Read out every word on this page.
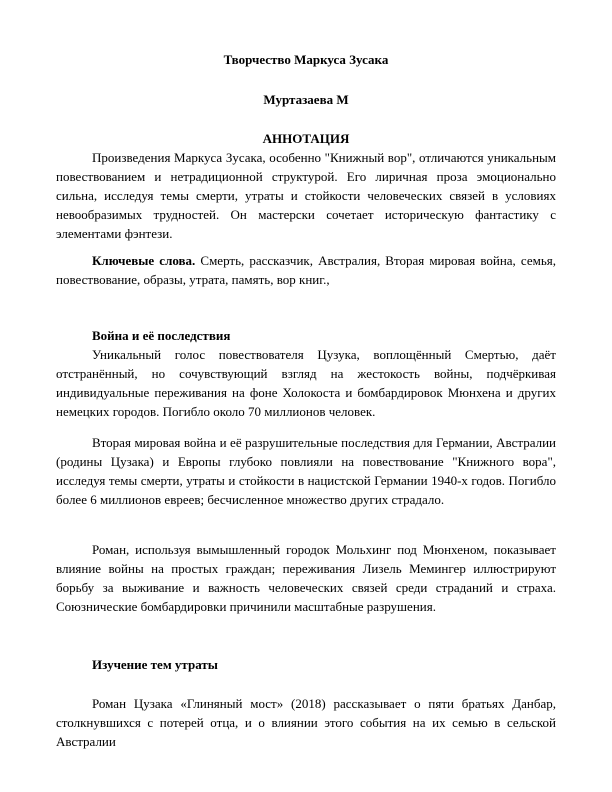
Творчество Маркуса Зусака

Муртазаева М

АННОТАЦИЯ

Произведения Маркуса Зусака, особенно "Книжный вор", отличаются уникальным повествованием и нетрадиционной структурой. Его лиричная проза эмоционально сильна, исследуя темы смерти, утраты и стойкости человеческих связей в условиях невообразимых трудностей. Он мастерски сочетает историческую фантастику с элементами фэнтези.

Ключевые слова. Смерть, рассказчик, Австралия, Вторая мировая война, семья, повествование, образы, утрата, память, вор книг.,

Война и её последствия

Уникальный голос повествователя Цузука, воплощённый Смертью, даёт отстранённый, но сочувствующий взгляд на жестокость войны, подчёркивая индивидуальные переживания на фоне Холокоста и бомбардировок Мюнхена и других немецких городов. Погибло около 70 миллионов человек.

Вторая мировая война и её разрушительные последствия для Германии, Австралии (родины Цузака) и Европы глубоко повлияли на повествование "Книжного вора", исследуя темы смерти, утраты и стойкости в нацистской Германии 1940-х годов. Погибло более 6 миллионов евреев; бесчисленное множество других страдало.

Роман, используя вымышленный городок Мольхинг под Мюнхеном, показывает влияние войны на простых граждан; переживания Лизель Мемингер иллюстрируют борьбу за выживание и важность человеческих связей среди страданий и страха. Союзнические бомбардировки причинили масштабные разрушения.

Изучение тем утраты

Роман Цузака «Глиняный мост» (2018) рассказывает о пяти братьях Данбар, столкнувшихся с потерей отца, и о влиянии этого события на их семью в сельской Австралии
